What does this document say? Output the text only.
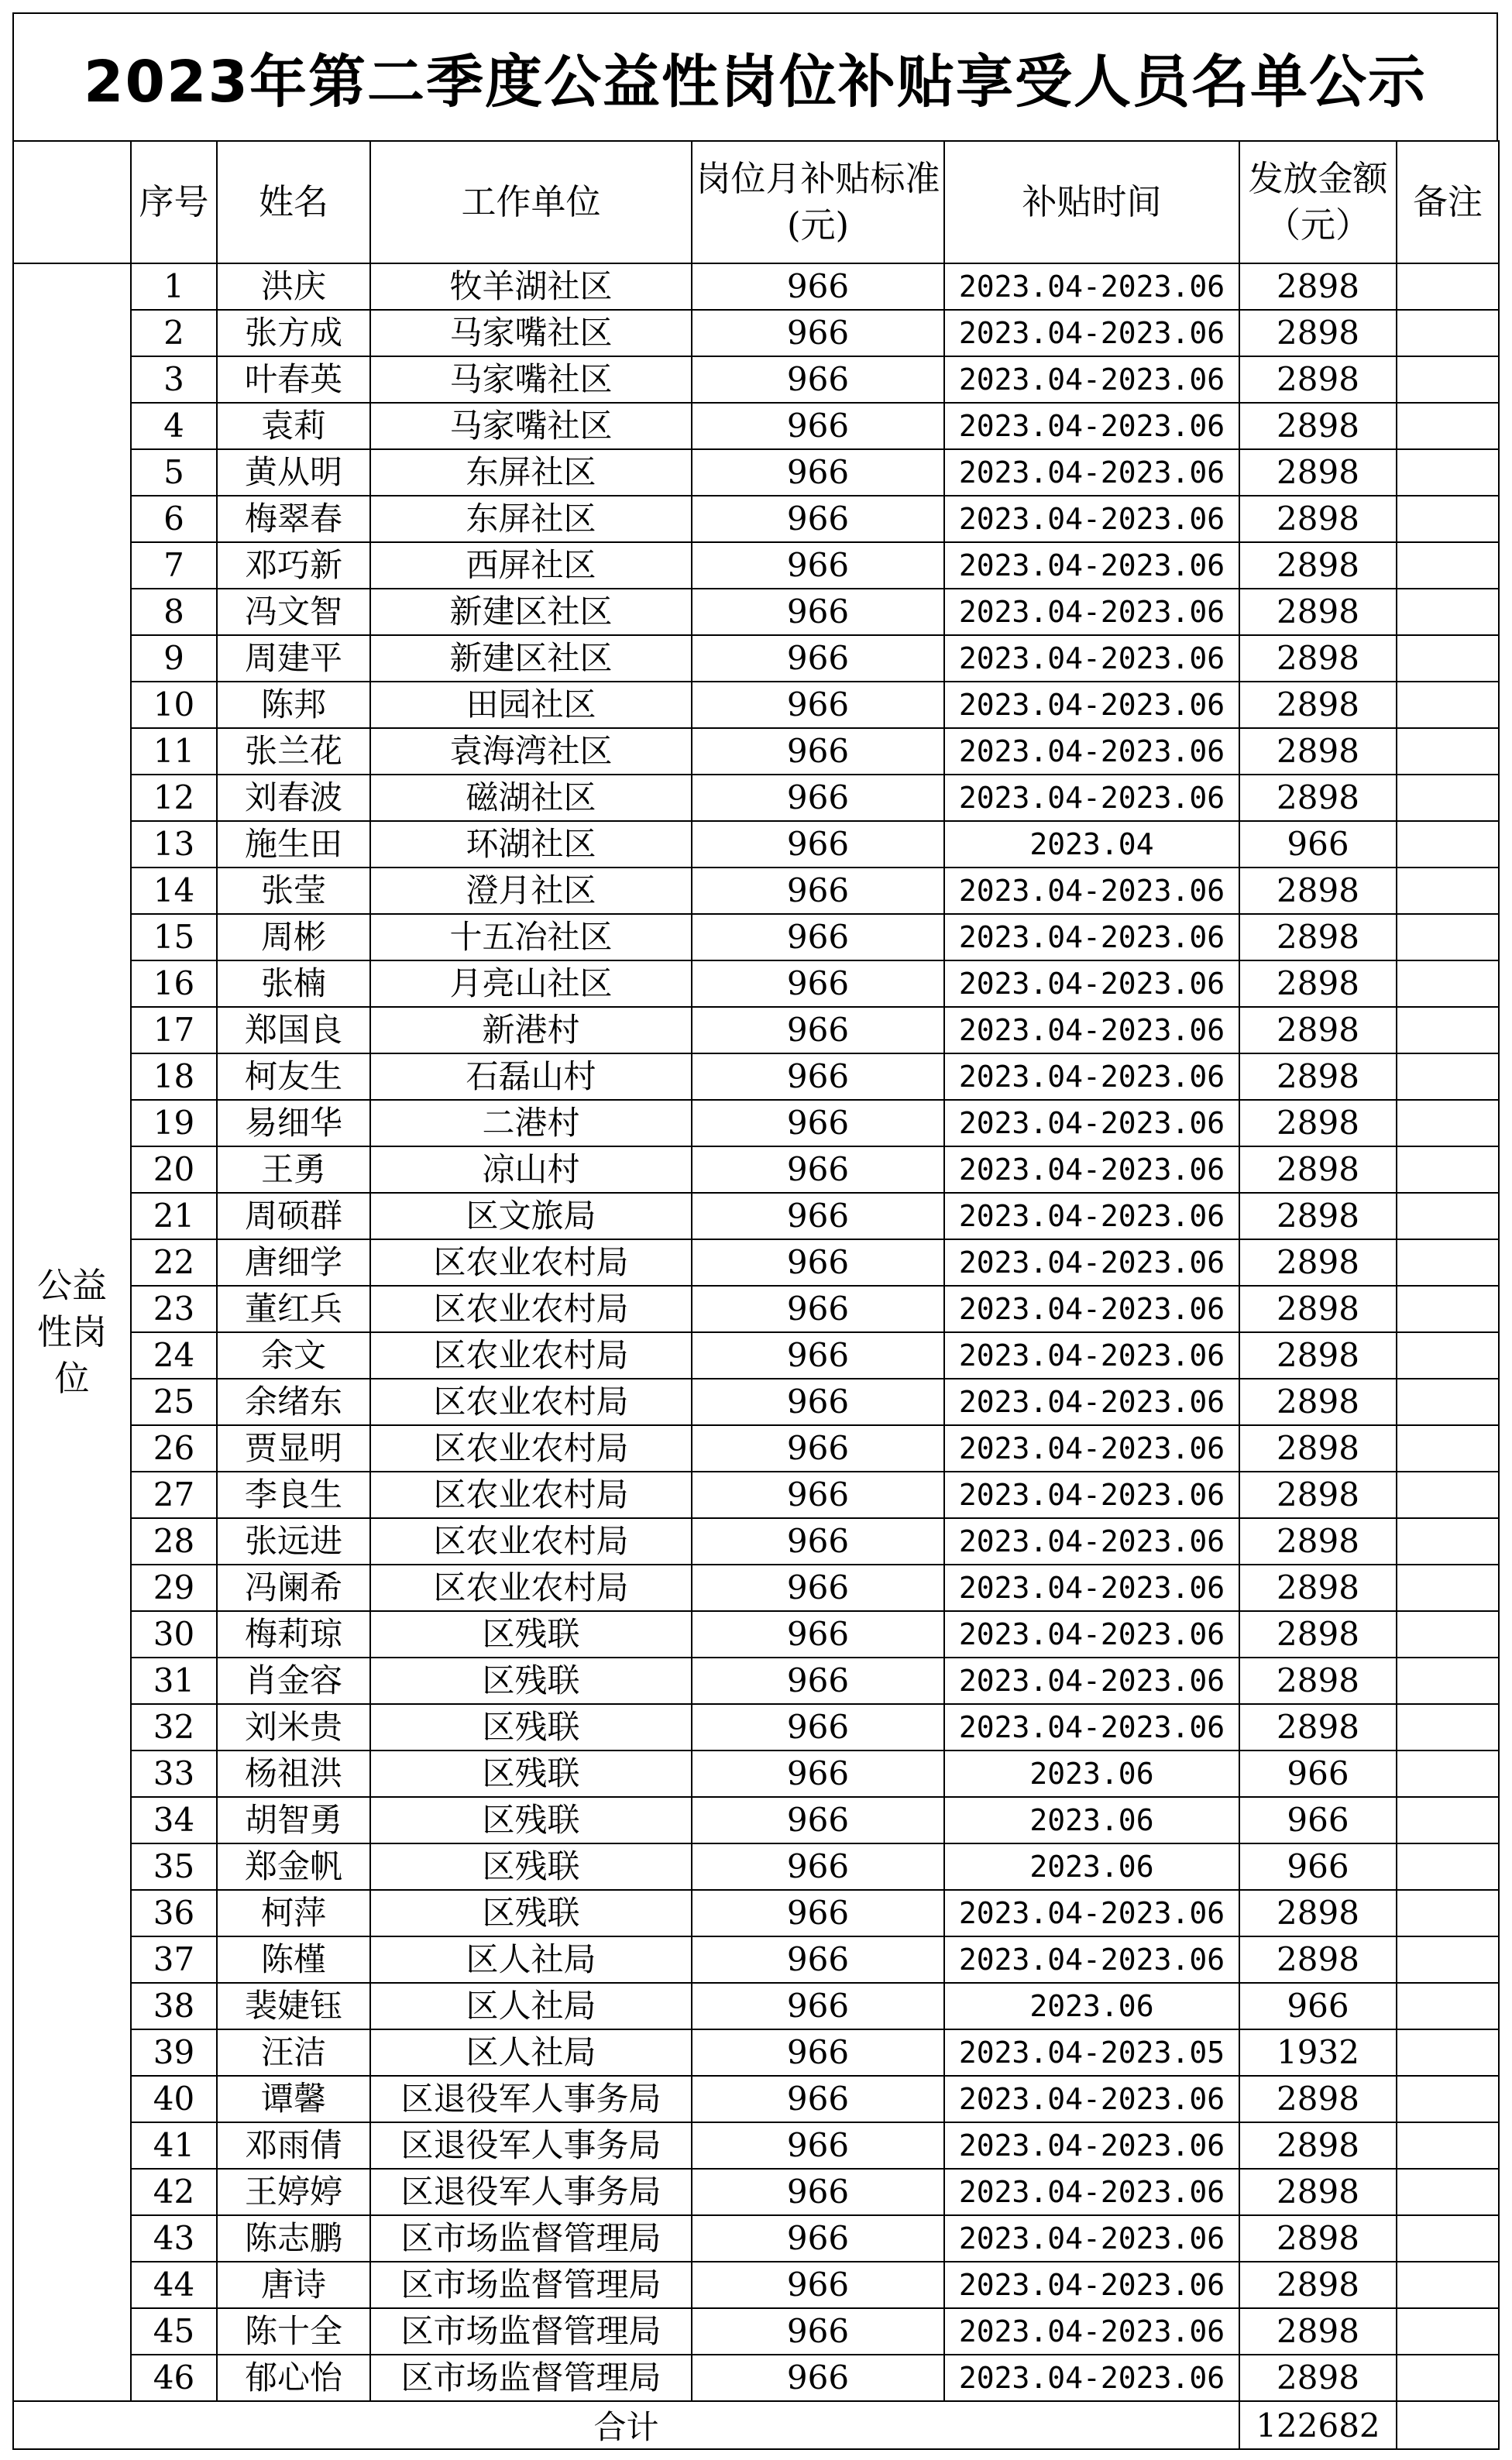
2023年第二季度公益性岗位补贴享受人员名单公示
	序号	姓名	工作单位	岗位月补贴标准(元)	补贴时间	发放金额（元）	备注
公益性岗位	1	洪庆	牧羊湖社区	966	2023.04-2023.06	2898	
	2	张方成	马家嘴社区	966	2023.04-2023.06	2898	
	3	叶春英	马家嘴社区	966	2023.04-2023.06	2898	
	4	袁莉	马家嘴社区	966	2023.04-2023.06	2898	
	5	黄从明	东屏社区	966	2023.04-2023.06	2898	
	6	梅翠春	东屏社区	966	2023.04-2023.06	2898	
	7	邓巧新	西屏社区	966	2023.04-2023.06	2898	
	8	冯文智	新建区社区	966	2023.04-2023.06	2898	
	9	周建平	新建区社区	966	2023.04-2023.06	2898	
	10	陈邦	田园社区	966	2023.04-2023.06	2898	
	11	张兰花	袁海湾社区	966	2023.04-2023.06	2898	
	12	刘春波	磁湖社区	966	2023.04-2023.06	2898	
	13	施生田	环湖社区	966	2023.04	966	
	14	张莹	澄月社区	966	2023.04-2023.06	2898	
	15	周彬	十五冶社区	966	2023.04-2023.06	2898	
	16	张楠	月亮山社区	966	2023.04-2023.06	2898	
	17	郑国良	新港村	966	2023.04-2023.06	2898	
	18	柯友生	石磊山村	966	2023.04-2023.06	2898	
	19	易细华	二港村	966	2023.04-2023.06	2898	
	20	王勇	凉山村	966	2023.04-2023.06	2898	
	21	周硕群	区文旅局	966	2023.04-2023.06	2898	
	22	唐细学	区农业农村局	966	2023.04-2023.06	2898	
	23	董红兵	区农业农村局	966	2023.04-2023.06	2898	
	24	余文	区农业农村局	966	2023.04-2023.06	2898	
	25	余绪东	区农业农村局	966	2023.04-2023.06	2898	
	26	贾显明	区农业农村局	966	2023.04-2023.06	2898	
	27	李良生	区农业农村局	966	2023.04-2023.06	2898	
	28	张远进	区农业农村局	966	2023.04-2023.06	2898	
	29	冯阑希	区农业农村局	966	2023.04-2023.06	2898	
	30	梅莉琼	区残联	966	2023.04-2023.06	2898	
	31	肖金容	区残联	966	2023.04-2023.06	2898	
	32	刘米贵	区残联	966	2023.04-2023.06	2898	
	33	杨祖洪	区残联	966	2023.06	966	
	34	胡智勇	区残联	966	2023.06	966	
	35	郑金帆	区残联	966	2023.06	966	
	36	柯萍	区残联	966	2023.04-2023.06	2898	
	37	陈槿	区人社局	966	2023.04-2023.06	2898	
	38	裴婕钰	区人社局	966	2023.06	966	
	39	汪洁	区人社局	966	2023.04-2023.05	1932	
	40	谭馨	区退役军人事务局	966	2023.04-2023.06	2898	
	41	邓雨倩	区退役军人事务局	966	2023.04-2023.06	2898	
	42	王婷婷	区退役军人事务局	966	2023.04-2023.06	2898	
	43	陈志鹏	区市场监督管理局	966	2023.04-2023.06	2898	
	44	唐诗	区市场监督管理局	966	2023.04-2023.06	2898	
	45	陈十全	区市场监督管理局	966	2023.04-2023.06	2898	
	46	郁心怡	区市场监督管理局	966	2023.04-2023.06	2898	
合计						122682	
